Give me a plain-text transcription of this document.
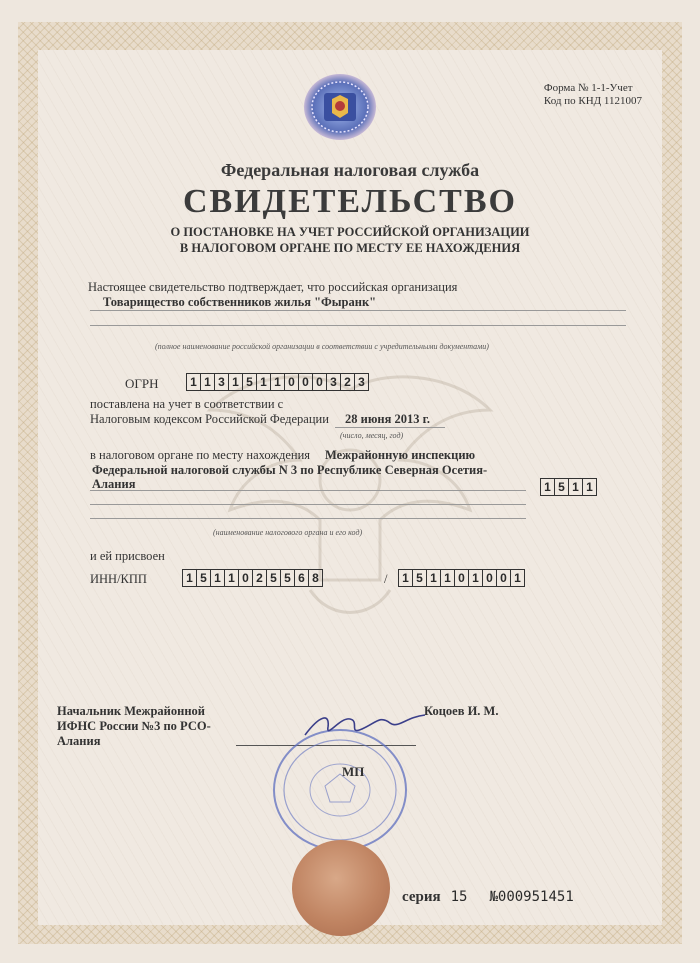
Форма № 1-1-Учет
Код по КНД 1121007
Федеральная налоговая служба
СВИДЕТЕЛЬСТВО
О ПОСТАНОВКЕ НА УЧЕТ РОССИЙСКОЙ ОРГАНИЗАЦИИ
В НАЛОГОВОМ ОРГАНЕ ПО МЕСТУ ЕЕ НАХОЖДЕНИЯ
Настоящее свидетельство подтверждает, что российская организация
Товарищество собственников жилья "Фыранк"
(полное наименование российской организации в соответствии с учредительными документами)
ОГРН	1 1 3 1 5 1 1 0 0 0 3 2 3
поставлена на учет в соответствии с
Налоговым кодексом Российской Федерации 28 июня 2013 г.
(число, месяц, год)
в налоговом органе по месту нахождения Межрайонную инспекцию
Федеральной налоговой службы N 3 по Республике Северная Осетия-
Алания	1 5 1 1
(наименование налогового органа и его код)
и ей присвоен
ИНН/КПП	1 5 1 1 0 2 5 5 6 8	/ 1 5 1 1 0 1 0 0 1
Начальник Межрайонной
ИФНС России №3 по РСО-
Алания
Коцоев И. М.
МП
серия 15 №000951451
